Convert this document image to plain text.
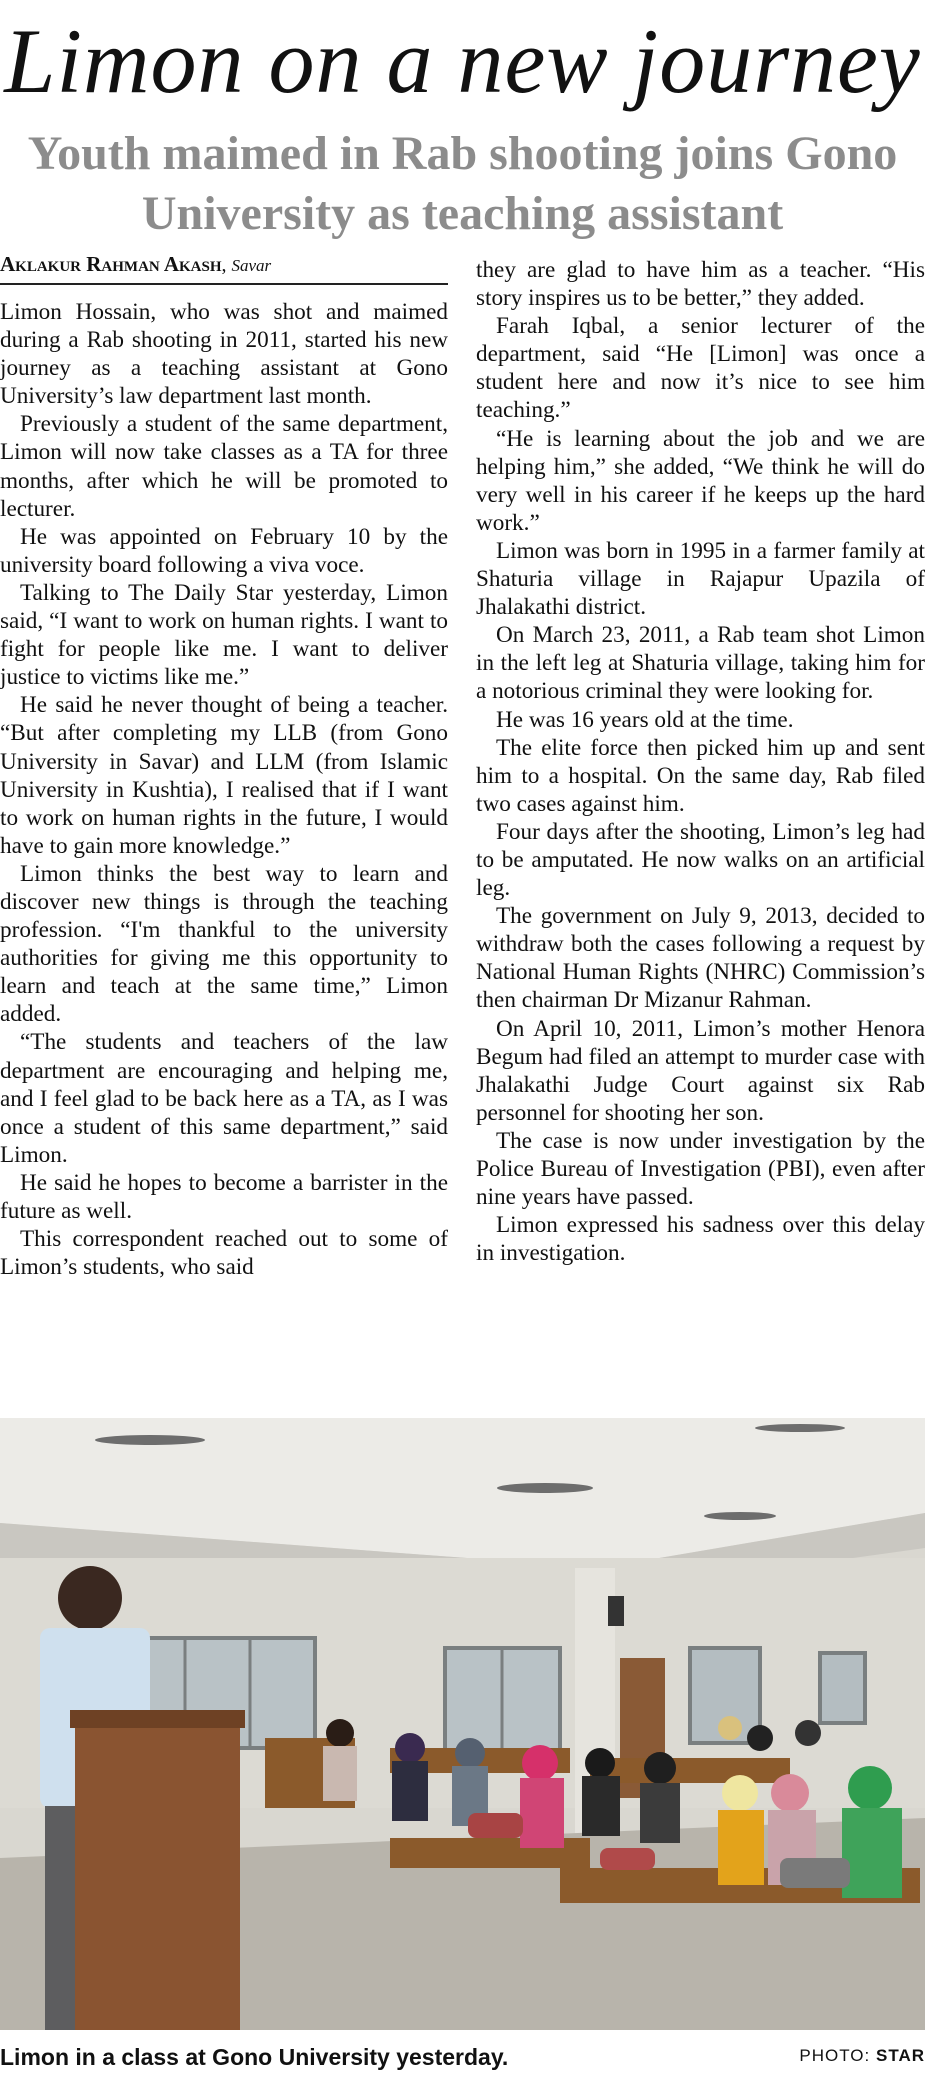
Limon on a new journey
Youth maimed in Rab shooting joins Gono University as teaching assistant
Aklakur Rahman Akash, Savar

Limon Hossain, who was shot and maimed during a Rab shooting in 2011, started his new journey as a teaching assistant at Gono University’s law department last month.

Previously a student of the same department, Limon will now take classes as a TA for three months, after which he will be promoted to lecturer.

He was appointed on February 10 by the university board following a viva voce.

Talking to The Daily Star yesterday, Limon said, “I want to work on human rights. I want to fight for people like me. I want to deliver justice to victims like me.”

He said he never thought of being a teacher. “But after completing my LLB (from Gono University in Savar) and LLM (from Islamic University in Kushtia), I realised that if I want to work on human rights in the future, I would have to gain more knowledge.”

Limon thinks the best way to learn and discover new things is through the teaching profession. “I'm thankful to the university authorities for giving me this opportunity to learn and teach at the same time,” Limon added.

“The students and teachers of the law department are encouraging and helping me, and I feel glad to be back here as a TA, as I was once a student of this same department,” said Limon.

He said he hopes to become a barrister in the future as well.

This correspondent reached out to some of Limon’s students, who said

they are glad to have him as a teacher. “His story inspires us to be better,” they added.

Farah Iqbal, a senior lecturer of the department, said “He [Limon] was once a student here and now it’s nice to see him teaching.”

“He is learning about the job and we are helping him,” she added, “We think he will do very well in his career if he keeps up the hard work.”

Limon was born in 1995 in a farmer family at Shaturia village in Rajapur Upazila of Jhalakathi district.

On March 23, 2011, a Rab team shot Limon in the left leg at Shaturia village, taking him for a notorious criminal they were looking for.

He was 16 years old at the time.

The elite force then picked him up and sent him to a hospital. On the same day, Rab filed two cases against him.

Four days after the shooting, Limon’s leg had to be amputated. He now walks on an artificial leg.

The government on July 9, 2013, decided to withdraw both the cases following a request by National Human Rights (NHRC) Commission’s then chairman Dr Mizanur Rahman.

On April 10, 2011, Limon’s mother Henora Begum had filed an attempt to murder case with Jhalakathi Judge Court against six Rab personnel for shooting her son.

The case is now under investigation by the Police Bureau of Investigation (PBI), even after nine years have passed.

Limon expressed his sadness over this delay in investigation.

Limon in a class at Gono University yesterday.	PHOTO: STAR
